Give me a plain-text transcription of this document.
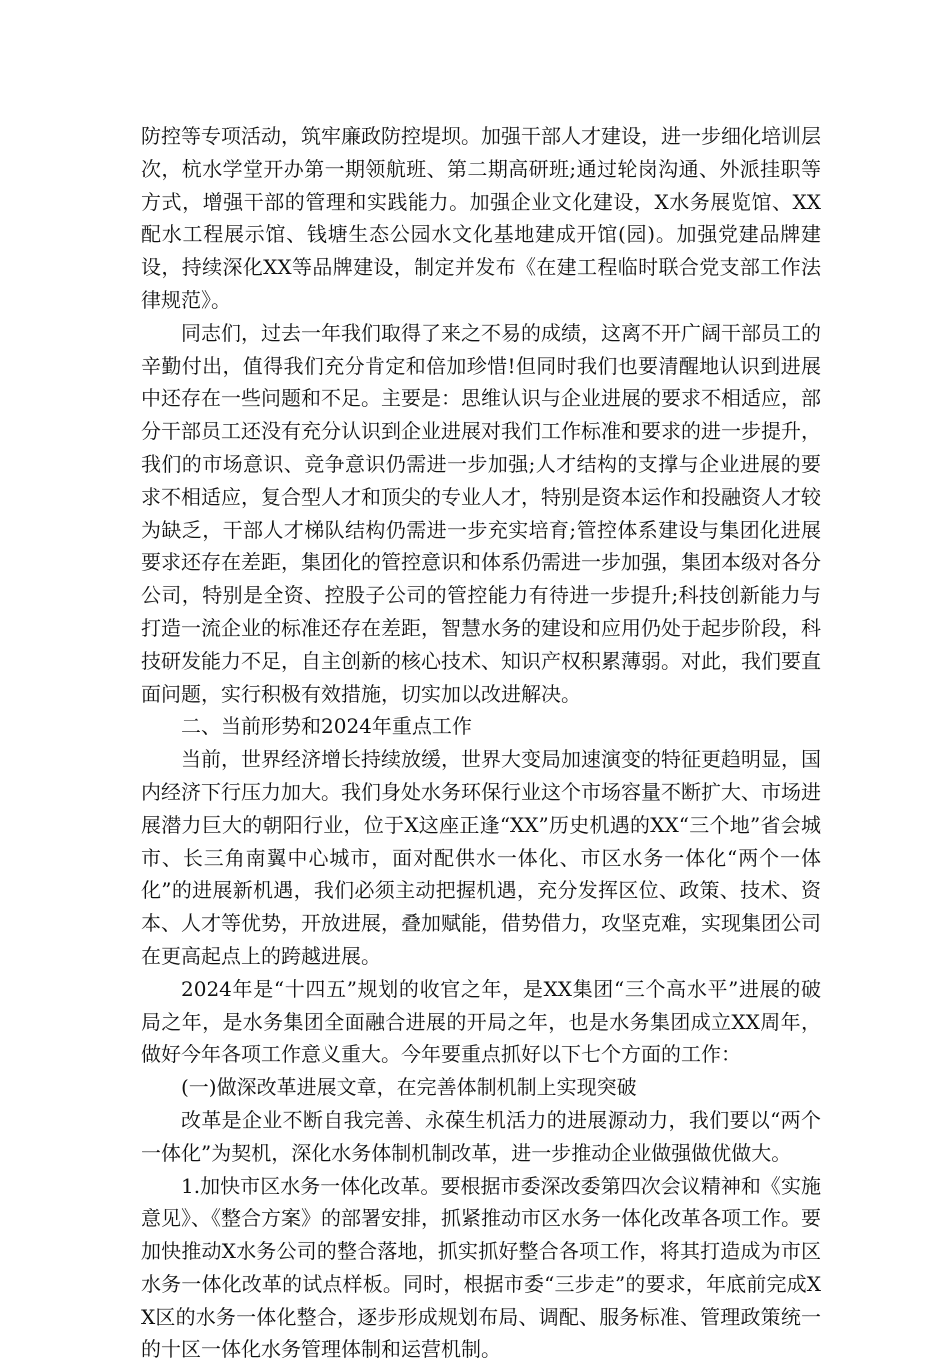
防控等专项活动，筑牢廉政防控堤坝。加强干部人才建设，进一步细化培训层次，杭水学堂开办第一期领航班、第二期高研班;通过轮岗沟通、外派挂职等方式，增强干部的管理和实践能力。加强企业文化建设，X水务展览馆、XX配水工程展示馆、钱塘生态公园水文化基地建成开馆(园)。加强党建品牌建设，持续深化XX等品牌建设，制定并发布《在建工程临时联合党支部工作法律规范》。

同志们，过去一年我们取得了来之不易的成绩，这离不开广阔干部员工的辛勤付出，值得我们充分肯定和倍加珍惜!但同时我们也要清醒地认识到进展中还存在一些问题和不足。主要是：思维认识与企业进展的要求不相适应，部分干部员工还没有充分认识到企业进展对我们工作标准和要求的进一步提升，我们的市场意识、竞争意识仍需进一步加强;人才结构的支撑与企业进展的要求不相适应，复合型人才和顶尖的专业人才，特别是资本运作和投融资人才较为缺乏，干部人才梯队结构仍需进一步充实培育;管控体系建设与集团化进展要求还存在差距，集团化的管控意识和体系仍需进一步加强，集团本级对各分公司，特别是全资、控股子公司的管控能力有待进一步提升;科技创新能力与打造一流企业的标准还存在差距，智慧水务的建设和应用仍处于起步阶段，科技研发能力不足，自主创新的核心技术、知识产权积累薄弱。对此，我们要直面问题，实行积极有效措施，切实加以改进解决。

二、当前形势和2024年重点工作

当前，世界经济增长持续放缓，世界大变局加速演变的特征更趋明显，国内经济下行压力加大。我们身处水务环保行业这个市场容量不断扩大、市场进展潜力巨大的朝阳行业，位于X这座正逢“XX”历史机遇的XX“三个地”省会城市、长三角南翼中心城市，面对配供水一体化、市区水务一体化“两个一体化”的进展新机遇，我们必须主动把握机遇，充分发挥区位、政策、技术、资本、人才等优势，开放进展，叠加赋能，借势借力，攻坚克难，实现集团公司在更高起点上的跨越进展。

2024年是“十四五”规划的收官之年，是XX集团“三个高水平”进展的破局之年，是水务集团全面融合进展的开局之年，也是水务集团成立XX周年，做好今年各项工作意义重大。今年要重点抓好以下七个方面的工作：

(一)做深改革进展文章，在完善体制机制上实现突破

改革是企业不断自我完善、永葆生机活力的进展源动力，我们要以“两个一体化”为契机，深化水务体制机制改革，进一步推动企业做强做优做大。

1.加快市区水务一体化改革。要根据市委深改委第四次会议精神和《实施意见》、《整合方案》的部署安排，抓紧推动市区水务一体化改革各项工作。要加快推动X水务公司的整合落地，抓实抓好整合各项工作，将其打造成为市区水务一体化改革的试点样板。同时，根据市委“三步走”的要求，年底前完成XX区的水务一体化整合，逐步形成规划布局、调配、服务标准、管理政策统一的十区一体化水务管理体制和运营机制。
